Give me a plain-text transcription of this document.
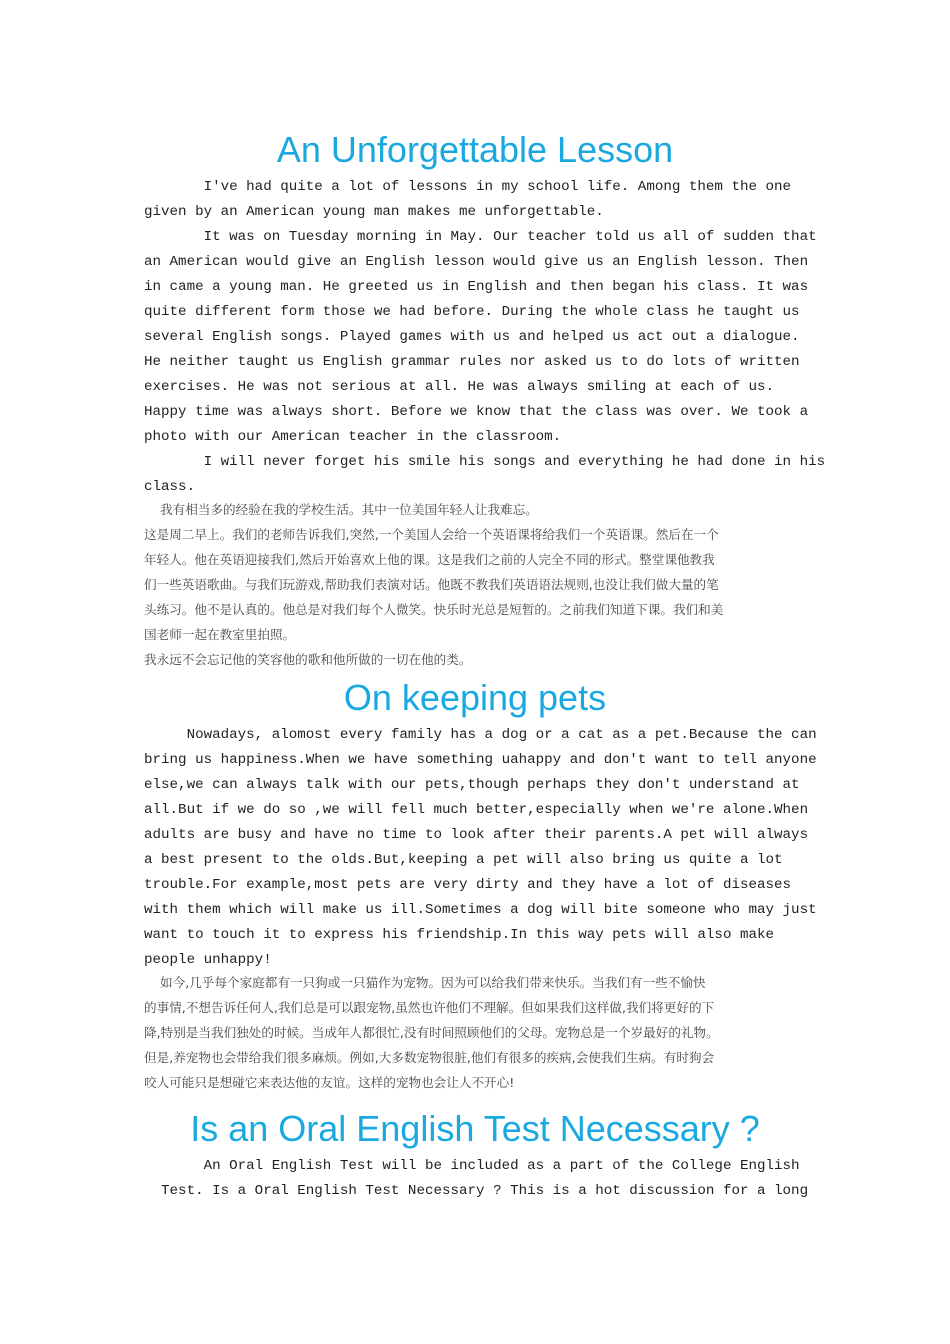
An Unforgettable Lesson
I've had quite a lot of lessons in my school life. Among them the one
given by an American young man makes me unforgettable.
It was on Tuesday morning in May. Our teacher told us all of sudden that
an American would give an English lesson would give us an English lesson. Then
in came a young man. He greeted us in English and then began his class. It was
quite different form those we had before. During the whole class he taught us
several English songs. Played games with us and helped us act out a dialogue.
He neither taught us English grammar rules nor asked us to do lots of written
exercises. He was not serious at all. He was always smiling at each of us.
Happy time was always short. Before we know that the class was over. We took a
photo with our American teacher in the classroom.
I will never forget his smile his songs and everything he had done in his
class.
我有相当多的经验在我的学校生活。其中一位美国年轻人让我难忘。
这是周二早上。我们的老师告诉我们,突然,一个美国人会给一个英语课将给我们一个英语课。然后在一个
年轻人。他在英语迎接我们,然后开始喜欢上他的课。这是我们之前的人完全不同的形式。整堂课他教我
们一些英语歌曲。与我们玩游戏,帮助我们表演对话。他既不教我们英语语法规则,也没让我们做大量的笔
头练习。他不是认真的。他总是对我们每个人微笑。快乐时光总是短暂的。之前我们知道下课。我们和美
国老师一起在教室里拍照。
我永远不会忘记他的笑容他的歌和他所做的一切在他的类。
On keeping pets
Nowadays, alomost every family has a dog or a cat as a pet.Because the can
bring us happiness.When we have something uahappy and don't want to tell anyone
else,we can always talk with our pets,though perhaps they don't understand at
all.But if we do so ,we will fell much better,especially when we're alone.When
adults are busy and have no time to look after their parents.A pet will always
a best present to the olds.But,keeping a pet will also bring us quite a lot
trouble.For example,most pets are very dirty and they have a lot of diseases
with them which will make us ill.Sometimes a dog will bite someone who may just
want to touch it to express his friendship.In this way pets will also make
people unhappy!
如今,几乎每个家庭都有一只狗或一只猫作为宠物。因为可以给我们带来快乐。当我们有一些不愉快
的事情,不想告诉任何人,我们总是可以跟宠物,虽然也许他们不理解。但如果我们这样做,我们将更好的下
降,特别是当我们独处的时候。当成年人都很忙,没有时间照顾他们的父母。宠物总是一个岁最好的礼物。
但是,养宠物也会带给我们很多麻烦。例如,大多数宠物很脏,他们有很多的疾病,会使我们生病。有时狗会
咬人可能只是想碰它来表达他的友谊。这样的宠物也会让人不开心!
Is an Oral English Test Necessary ?
An Oral English Test will be included as a part of the College English
Test. Is a Oral English Test Necessary ? This is a hot discussion for a long
